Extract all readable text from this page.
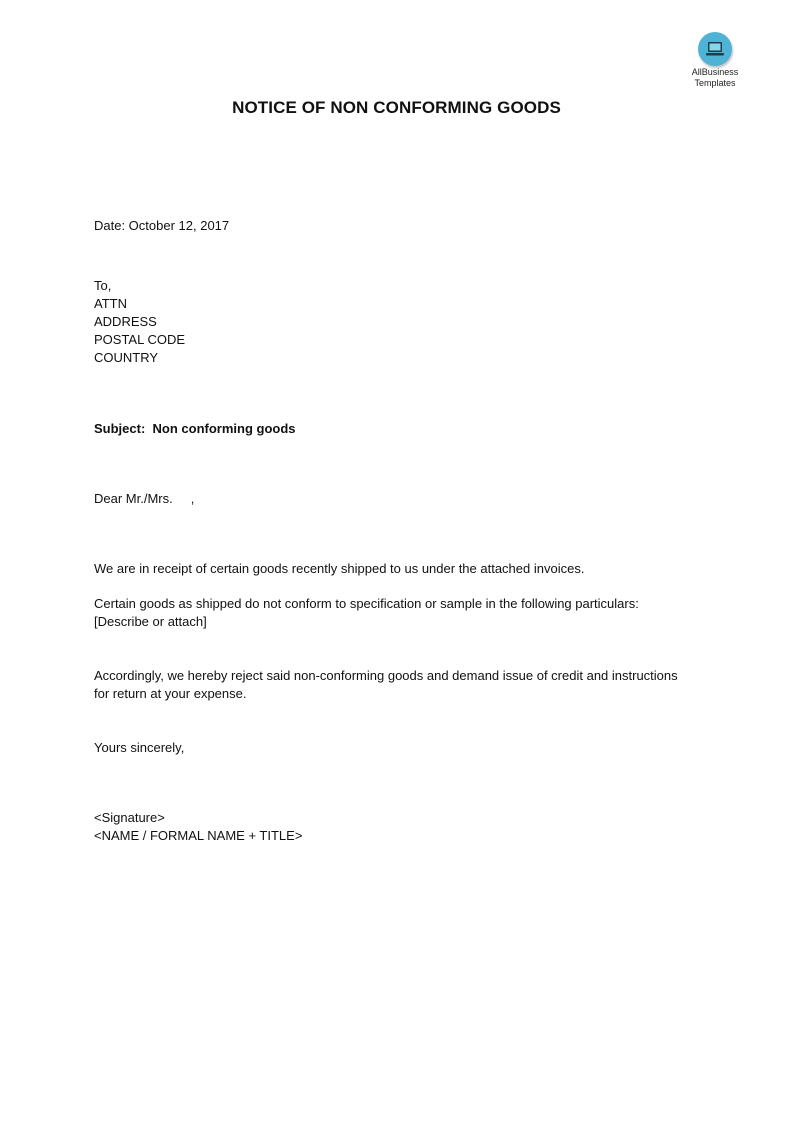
AllBusiness
Templates
NOTICE OF NON CONFORMING GOODS
Date: October 12, 2017
To,
ATTN
ADDRESS
POSTAL CODE
COUNTRY
Subject: Non conforming goods
Dear Mr./Mrs.     ,
We are in receipt of certain goods recently shipped to us under the attached invoices.
Certain goods as shipped do not conform to specification or sample in the following particulars:
[Describe or attach]
Accordingly, we hereby reject said non-conforming goods and demand issue of credit and instructions
for return at your expense.
Yours sincerely,
<Signature>
<NAME / FORMAL NAME + TITLE>
